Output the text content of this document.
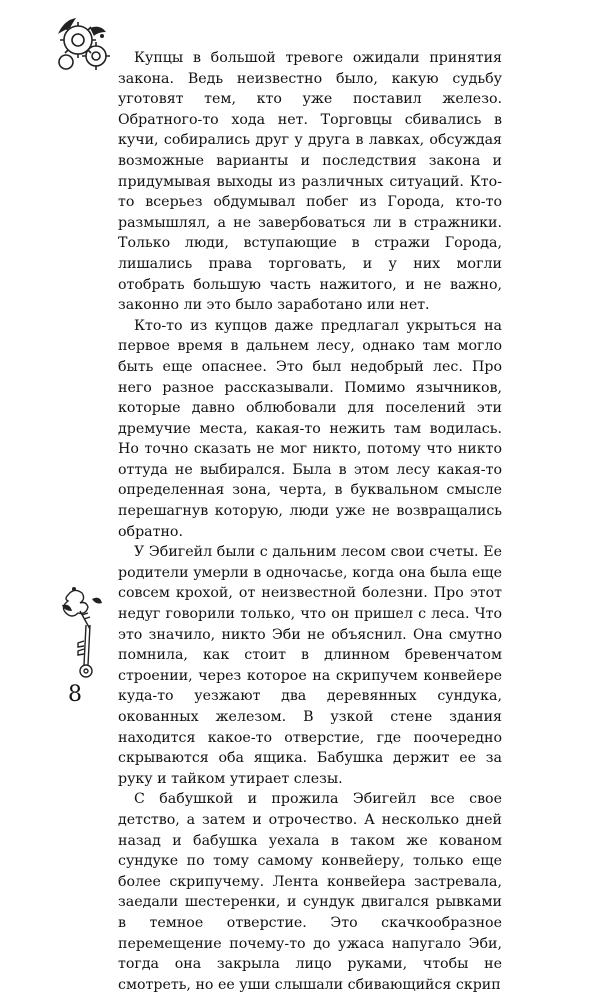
Купцы в большой тревоге ожидали принятия закона. Ведь неизвестно было, какую судьбу уготовят тем, кто уже поставил железо. Обратного-то хода нет. Торговцы сбивались в кучи, собирались друг у друга в лавках, обсуждая возможные варианты и последствия закона и придумывая выходы из различных ситуаций. Кто-то всерьез обдумывал побег из Города, кто-то размышлял, а не завербоваться ли в стражники. Только люди, вступающие в стражи Города, лишались права торговать, и у них могли отобрать большую часть нажитого, и не важно, законно ли это было заработано или нет.

Кто-то из купцов даже предлагал укрыться на первое время в дальнем лесу, однако там могло быть еще опаснее. Это был недобрый лес. Про него разное рассказывали. Помимо язычников, которые давно облюбовали для поселений эти дремучие места, какая-то нежить там водилась. Но точно сказать не мог никто, потому что никто оттуда не выбирался. Была в этом лесу какая-то определенная зона, черта, в буквальном смысле перешагнув которую, люди уже не возвращались обратно.

У Эбигейл были с дальним лесом свои счеты. Ее родители умерли в одночасье, когда она была еще совсем крохой, от неизвестной болезни. Про этот недуг говорили только, что он пришел с леса. Что это значило, никто Эби не объяснил. Она смутно помнила, как стоит в длинном бревенчатом строении, через которое на скрипучем конвейере куда-то уезжают два деревянных сундука, окованных железом. В узкой стене здания находится какое-то отверстие, где поочередно скрываются оба ящика. Бабушка держит ее за руку и тайком утирает слезы.

С бабушкой и прожила Эбигейл все свое детство, а затем и отрочество. А несколько дней назад и бабушка уехала в таком же кованом сундуке по тому самому конвейеру, только еще более скрипучему. Лента конвейера застревала, заедали шестеренки, и сундук двигался рывками в темное отверстие. Это скачкообразное перемещение почему-то до ужаса напугало Эби, тогда она закрыла лицо руками, чтобы не смотреть, но ее уши слышали сбивающийся скрип

8
